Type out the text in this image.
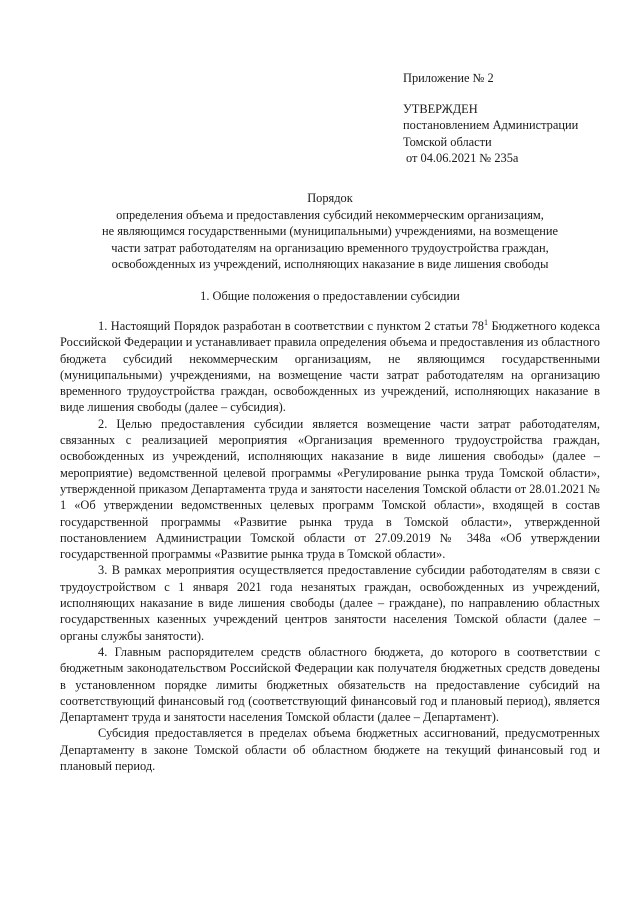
Приложение № 2
УТВЕРЖДЕН
постановлением Администрации
Томской области
от 04.06.2021 № 235а
Порядок
определения объема и предоставления субсидий некоммерческим организациям,
не являющимся государственными (муниципальными) учреждениями, на возмещение
части затрат работодателям на организацию временного трудоустройства граждан,
освобожденных из учреждений, исполняющих наказание в виде лишения свободы
1. Общие положения о предоставлении субсидии

1. Настоящий Порядок разработан в соответствии с пунктом 2 статьи $78^1$ Бюджетного кодекса Российской Федерации и устанавливает правила определения объема и предоставления из областного бюджета субсидий некоммерческим организациям, не являющимся государственными (муниципальными) учреждениями, на возмещение части затрат работодателям на организацию временного трудоустройства граждан, освобожденных из учреждений, исполняющих наказание в виде лишения свободы (далее – субсидия).

2. Целью предоставления субсидии является возмещение части затрат работодателям, связанных с реализацией мероприятия «Организация временного трудоустройства граждан, освобожденных из учреждений, исполняющих наказание в виде лишения свободы» (далее – мероприятие) ведомственной целевой программы «Регулирование рынка труда Томской области», утвержденной приказом Департамента труда и занятости населения Томской области от 28.01.2021 № 1 «Об утверждении ведомственных целевых программ Томской области», входящей в состав государственной программы «Развитие рынка труда в Томской области», утвержденной постановлением Администрации Томской области от 27.09.2019 № 348а «Об утверждении государственной программы «Развитие рынка труда в Томской области».

3. В рамках мероприятия осуществляется предоставление субсидии работодателям в связи с трудоустройством с 1 января 2021 года незанятых граждан, освобожденных из учреждений, исполняющих наказание в виде лишения свободы (далее – граждане), по направлению областных государственных казенных учреждений центров занятости населения Томской области (далее – органы службы занятости).

4. Главным распорядителем средств областного бюджета, до которого в соответствии с бюджетным законодательством Российской Федерации как получателя бюджетных средств доведены в установленном порядке лимиты бюджетных обязательств на предоставление субсидий на соответствующий финансовый год (соответствующий финансовый год и плановый период), является Департамент труда и занятости населения Томской области (далее – Департамент).

Субсидия предоставляется в пределах объема бюджетных ассигнований, предусмотренных Департаменту в законе Томской области об областном бюджете на текущий финансовый год и плановый период.
